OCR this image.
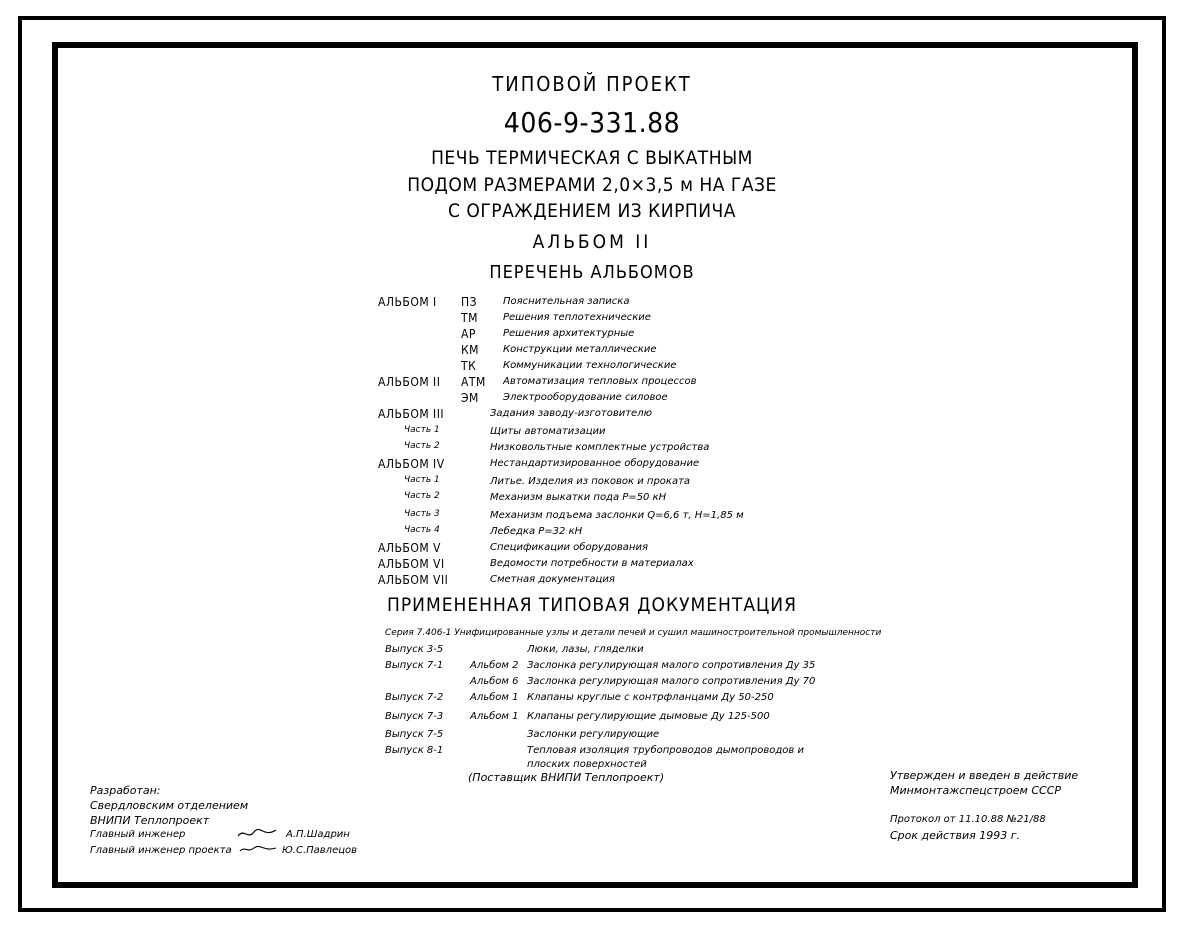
ТИПОВОЙ ПРОЕКТ
406-9-331.88
ПЕЧЬ ТЕРМИЧЕСКАЯ С ВЫКАТНЫМ
ПОДОМ РАЗМЕРАМИ 2,0×3,5 м НА ГАЗЕ
С ОГРАЖДЕНИЕМ ИЗ КИРПИЧА
АЛЬБОМ II
ПЕРЕЧЕНЬ АЛЬБОМОВ
АЛЬБОМ I ПЗ	Пояснительная записка
ТМ	Решения теплотехнические
АР	Решения архитектурные
КМ Конструкции металлические
ТК	Коммуникации технологические
АЛЬБОМ II АТМ Автоматизация тепловых процессов
ЭМ Электрооборудование силовое
АЛЬБОМ III	Задания заводу-изготовителю
Часть 1	Щиты автоматизации
Часть 2	Низковольтные комплектные устройства
АЛЬБОМ IV	Нестандартизированное оборудование
Часть 1	Литье. Изделия из поковок и проката
Часть 2	Механизм выкатки пода Р=50 кН
Часть 3	Механизм подъема заслонки Q=6,6 т, Н=1,85 м
Часть 4	Лебедка Р=32 кН
АЛЬБОМ V	Спецификации оборудования
АЛЬБОМ VI	Ведомости потребности в материалах
АЛЬБОМ VII	Сметная документация
ПРИМЕНЕННАЯ ТИПОВАЯ ДОКУМЕНТАЦИЯ
Серия 7.406-1 Унифицированные узлы и детали печей и сушил машиностроительной промышленности
Выпуск 3-5	Люки, лазы, гляделки
Выпуск 7-1	Альбом 2 Заслонка регулирующая малого сопротивления Ду 35
Альбом 6 Заслонка регулирующая малого сопротивления Ду 70
Выпуск 7-2	Альбом 1 Клапаны круглые с контрфланцами Ду 50-250
Выпуск 7-3	Альбом 1 Клапаны регулирующие дымовые Ду 125-500
Выпуск 7-5	Заслонки регулирующие
Выпуск 8-1	Тепловая изоляция трубопроводов дымопроводов и
плоских поверхностей
(Поставщик ВНИПИ Теплопроект)
Разработан:
Свердловским отделением
ВНИПИ Теплопроект
Главный инженер	А.П.Шадрин
Главный инженер проекта	Ю.С.Павлецов
Утвержден и введен в действие
Минмонтажспецстроем СССР
Протокол от 11.10.88 №21/88
Срок действия 1993 г.
